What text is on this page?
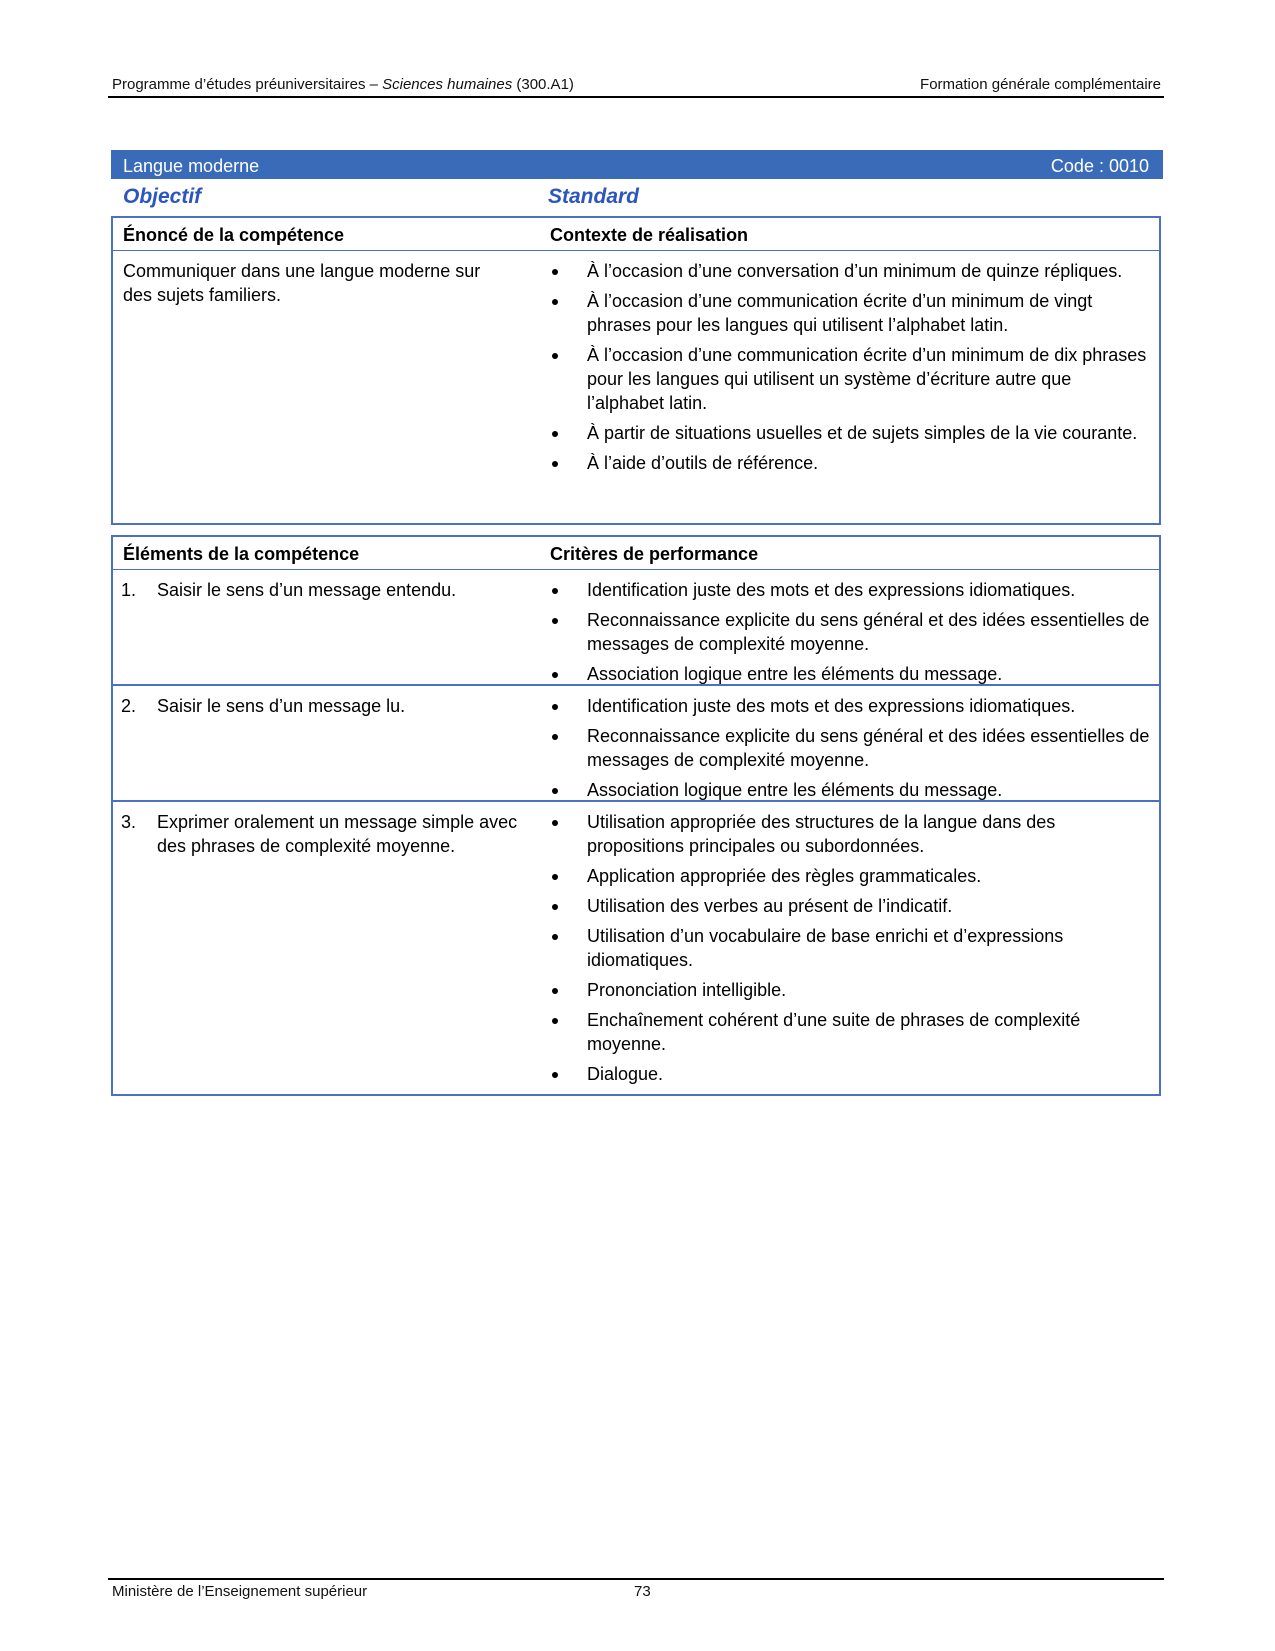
Programme d’études préuniversitaires – Sciences humaines (300.A1)	Formation générale complémentaire
Langue moderne	Code : 0010
Objectif	Standard
Énoncé de la compétence	Contexte de réalisation
Communiquer dans une langue moderne sur des sujets familiers.
À l’occasion d’une conversation d’un minimum de quinze répliques.
À l’occasion d’une communication écrite d’un minimum de vingt phrases pour les langues qui utilisent l’alphabet latin.
À l’occasion d’une communication écrite d’un minimum de dix phrases pour les langues qui utilisent un système d’écriture autre que l’alphabet latin.
À partir de situations usuelles et de sujets simples de la vie courante.
À l’aide d’outils de référence.
Éléments de la compétence	Critères de performance
1. Saisir le sens d’un message entendu.	Identification juste des mots et des expressions idiomatiques.
Reconnaissance explicite du sens général et des idées essentielles de messages de complexité moyenne.
Association logique entre les éléments du message.
2. Saisir le sens d’un message lu.	Identification juste des mots et des expressions idiomatiques.
Reconnaissance explicite du sens général et des idées essentielles de messages de complexité moyenne.
Association logique entre les éléments du message.
3. Exprimer oralement un message simple avec des phrases de complexité moyenne.
Utilisation appropriée des structures de la langue dans des propositions principales ou subordonnées.
Application appropriée des règles grammaticales.
Utilisation des verbes au présent de l’indicatif.
Utilisation d’un vocabulaire de base enrichi et d’expressions idiomatiques.
Prononciation intelligible.
Enchaînement cohérent d’une suite de phrases de complexité moyenne.
Dialogue.
Ministère de l’Enseignement supérieur	73
